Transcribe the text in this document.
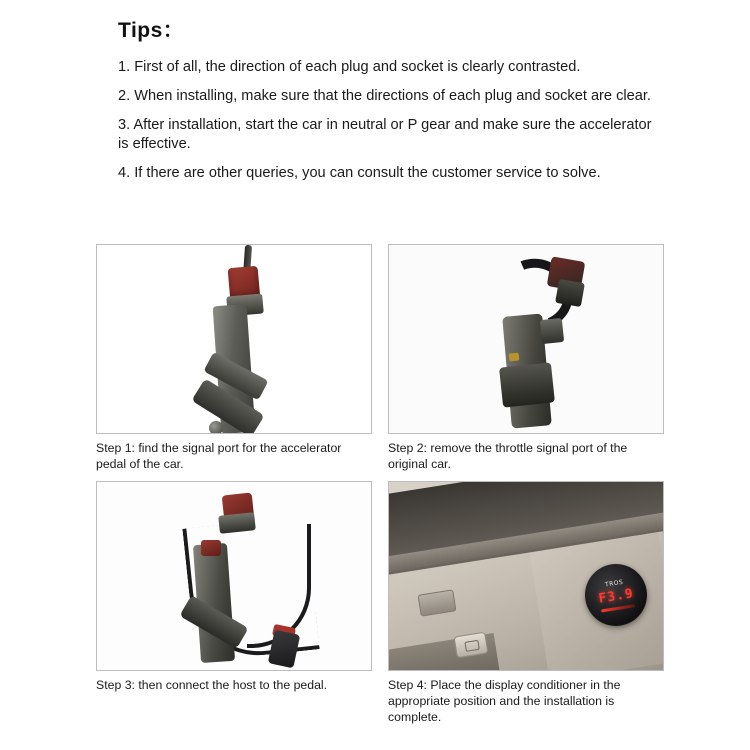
Tips：

1. First of all, the direction of each plug and socket is clearly contrasted.

2. When installing, make sure that the directions of each plug and socket are clear.

3. After installation, start the car in neutral or P gear and make sure the accelerator is effective.

4. If there are other queries, you can consult the customer service to solve.

Step 1: find the signal port for the accelerator pedal of the car.

Step 2: remove the throttle signal port of the original car.

Step 3: then connect the host to the pedal.

TROS
F3.9

Step 4: Place the display conditioner in the appropriate position and the installation is complete.
